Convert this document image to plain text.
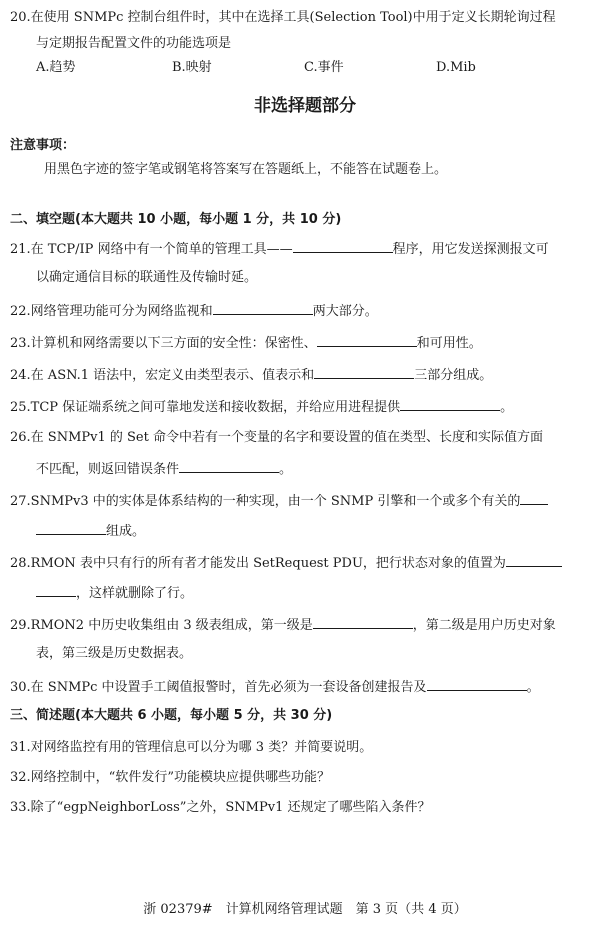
20.在使用 SNMPc 控制台组件时，其中在选择工具(Selection Tool)中用于定义长期轮询过程
与定期报告配置文件的功能选项是
A.趋势	B.映射	C.事件	D.Mib
非选择题部分
注意事项：
用黑色字迹的签字笔或钢笔将答案写在答题纸上，不能答在试题卷上。
二、填空题(本大题共 10 小题，每小题 1 分，共 10 分)
21.在 TCP/IP 网络中有一个简单的管理工具——	程序，用它发送探测报文可
以确定通信目标的联通性及传输时延。
22.网络管理功能可分为网络监视和	两大部分。
23.计算机和网络需要以下三方面的安全性：保密性、	和可用性。
24.在 ASN.1 语法中，宏定义由类型表示、值表示和	三部分组成。
25.TCP 保证端系统之间可靠地发送和接收数据，并给应用进程提供	。
26.在 SNMPv1 的 Set 命令中若有一个变量的名字和要设置的值在类型、长度和实际值方面
不匹配，则返回错误条件	。
27.SNMPv3 中的实体是体系结构的一种实现，由一个 SNMP 引擎和一个或多个有关的
组成。
28.RMON 表中只有行的所有者才能发出 SetRequest PDU，把行状态对象的值置为
，这样就删除了行。
29.RMON2 中历史收集组由 3 级表组成，第一级是	，第二级是用户历史对象
表，第三级是历史数据表。
30.在 SNMPc 中设置手工阈值报警时，首先必须为一套设备创建报告及	。
三、简述题(本大题共 6 小题，每小题 5 分，共 30 分)
31.对网络监控有用的管理信息可以分为哪 3 类？并简要说明。
32.网络控制中，“软件发行”功能模块应提供哪些功能？
33.除了“egpNeighborLoss”之外，SNMPv1 还规定了哪些陷入条件？
浙 02379#　计算机网络管理试题　第 3 页（共 4 页）
